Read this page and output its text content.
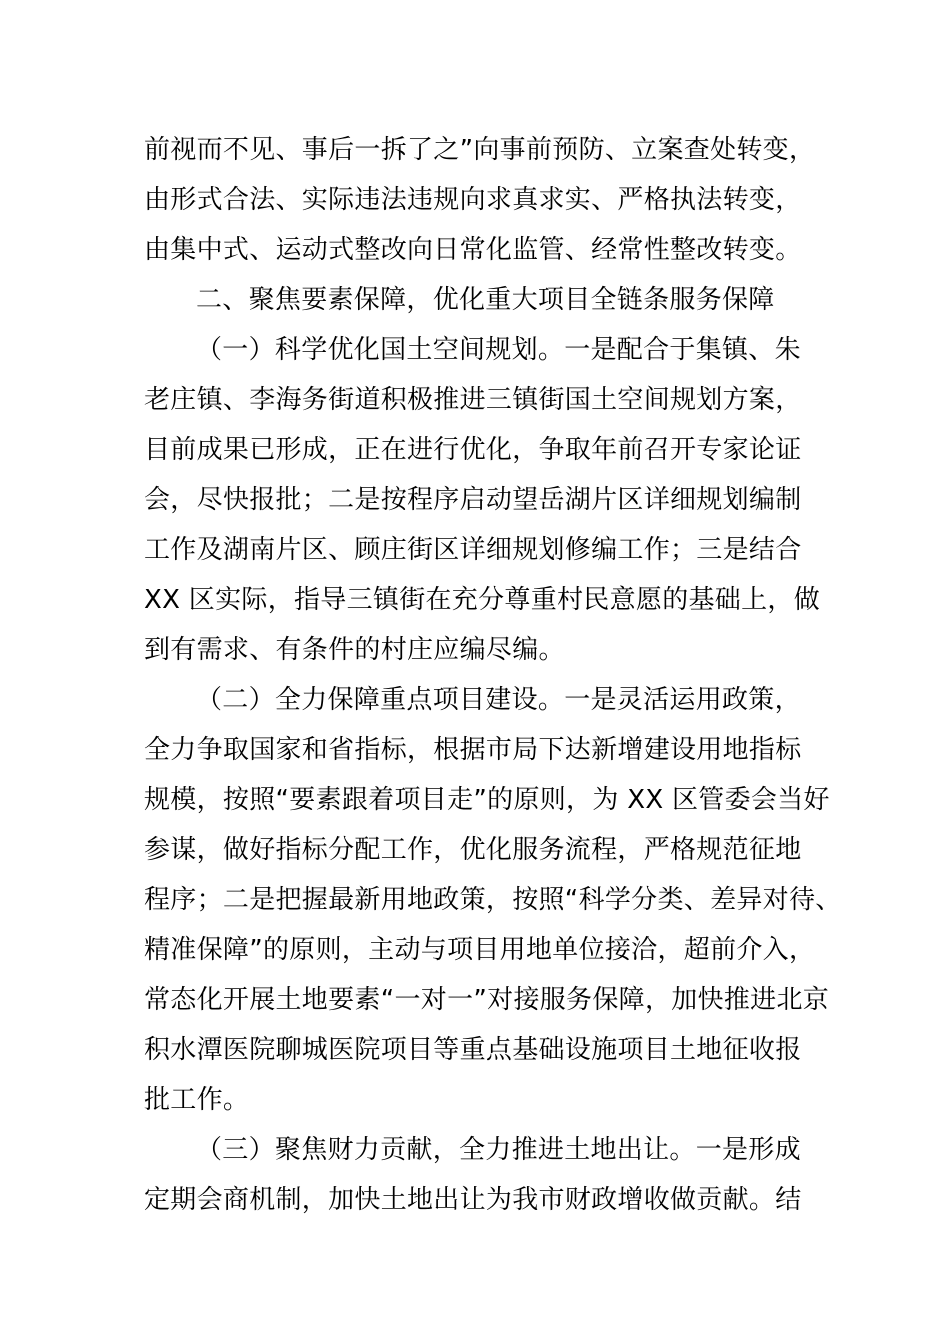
前视而不见、事后一拆了之”向事前预防、立案查处转变，
由形式合法、实际违法违规向求真求实、严格执法转变，
由集中式、运动式整改向日常化监管、经常性整改转变。
二、聚焦要素保障，优化重大项目全链条服务保障
（一）科学优化国土空间规划。一是配合于集镇、朱
老庄镇、李海务街道积极推进三镇街国土空间规划方案，
目前成果已形成，正在进行优化，争取年前召开专家论证
会，尽快报批；二是按程序启动望岳湖片区详细规划编制
工作及湖南片区、顾庄街区详细规划修编工作；三是结合
XX 区实际，指导三镇街在充分尊重村民意愿的基础上，做
到有需求、有条件的村庄应编尽编。
（二）全力保障重点项目建设。一是灵活运用政策，
全力争取国家和省指标，根据市局下达新增建设用地指标
规模，按照“要素跟着项目走”的原则，为 XX 区管委会当好
参谋，做好指标分配工作，优化服务流程，严格规范征地
程序；二是把握最新用地政策，按照“科学分类、差异对待、
精准保障”的原则，主动与项目用地单位接洽，超前介入，
常态化开展土地要素“一对一”对接服务保障，加快推进北京
积水潭医院聊城医院项目等重点基础设施项目土地征收报
批工作。
（三）聚焦财力贡献，全力推进土地出让。一是形成
定期会商机制，加快土地出让为我市财政增收做贡献。结
